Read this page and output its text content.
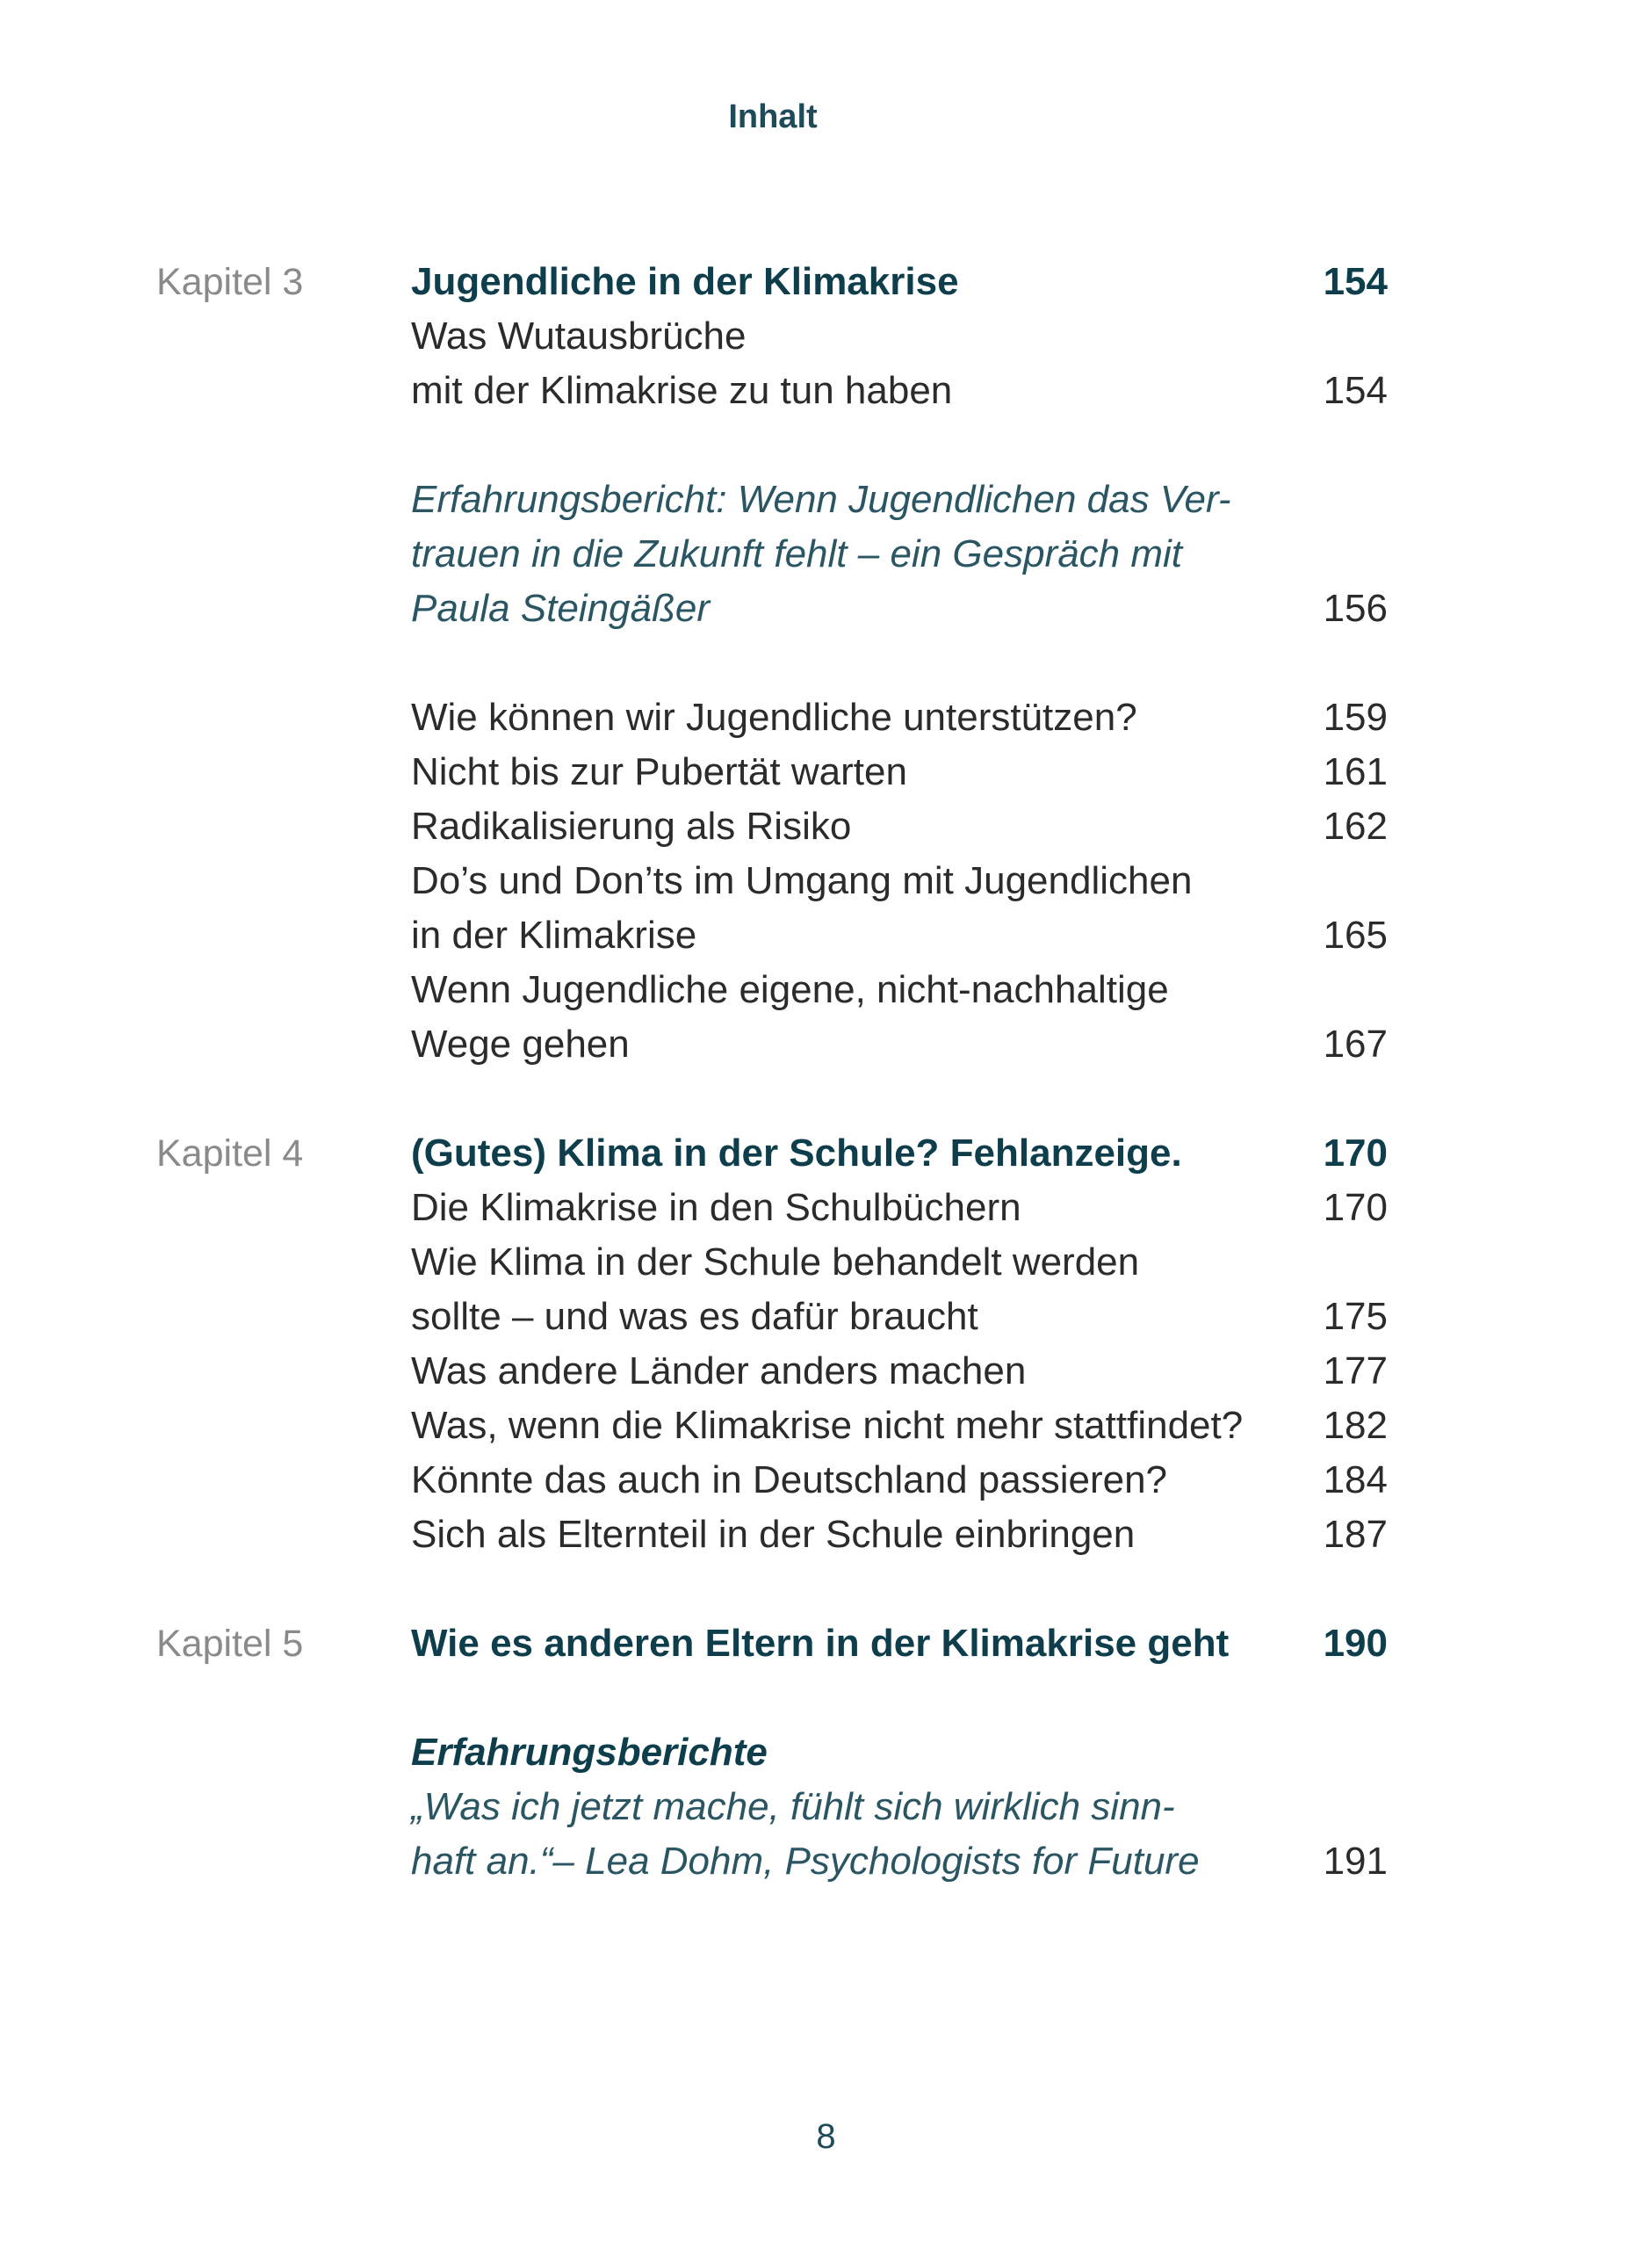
Inhalt
Kapitel 3	Jugendliche in der Klimakrise	154
Was Wutausbrüche
mit der Klimakrise zu tun haben	154
Erfahrungsbericht: Wenn Jugendlichen das Ver-
trauen in die Zukunft fehlt – ein Gespräch mit
Paula Steingäßer	156
Wie können wir Jugendliche unterstützen?	159
Nicht bis zur Pubertät warten	161
Radikalisierung als Risiko	162
Do’s und Don’ts im Umgang mit Jugendlichen
in der Klimakrise	165
Wenn Jugendliche eigene, nicht-nachhaltige
Wege gehen	167
Kapitel 4	(Gutes) Klima in der Schule? Fehlanzeige.	170
Die Klimakrise in den Schulbüchern	170
Wie Klima in der Schule behandelt werden
sollte – und was es dafür braucht	175
Was andere Länder anders machen	177
Was, wenn die Klimakrise nicht mehr stattfindet? 182
Könnte das auch in Deutschland passieren?	184
Sich als Elternteil in der Schule einbringen	187
Kapitel 5	Wie es anderen Eltern in der Klimakrise geht 190
Erfahrungsberichte
„Was ich jetzt mache, fühlt sich wirklich sinn-
haft an.“– Lea Dohm, Psychologists for Future	191
8
